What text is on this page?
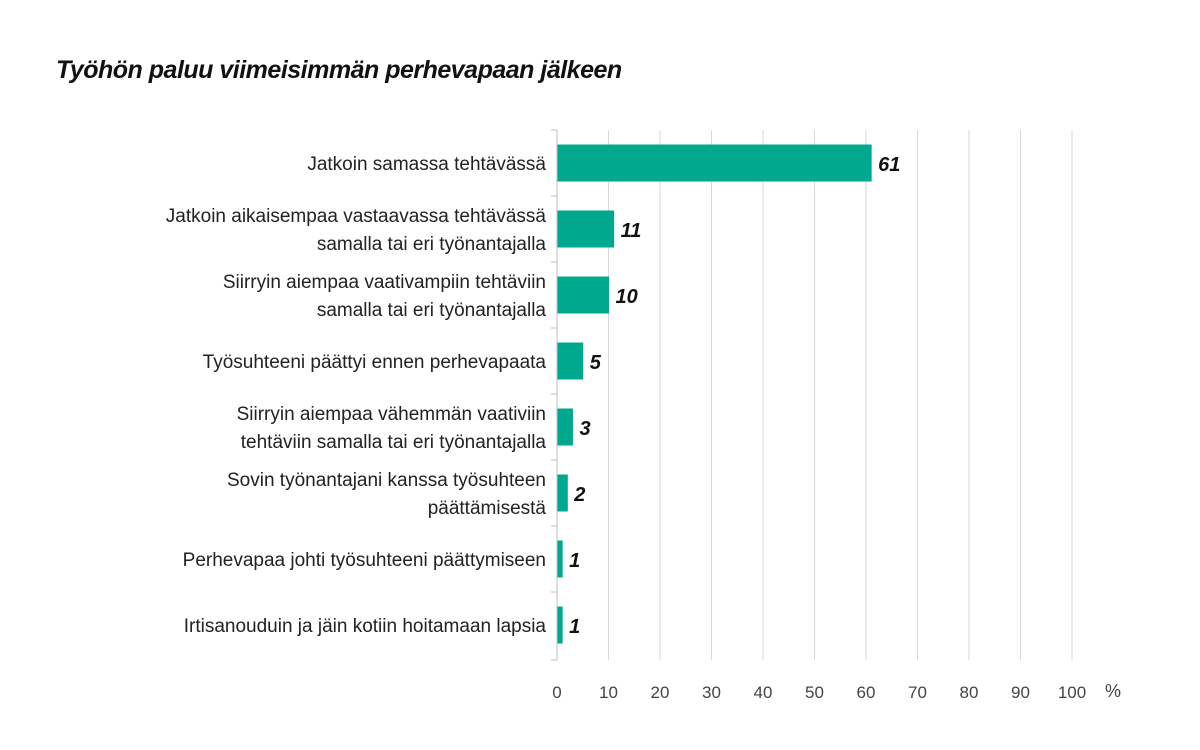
Työhön paluu viimeisimmän perhevapaan jälkeen
0 10 20 30 40 50 60 70 80 90 100 %
61
Jatkoin samassa tehtävässä
11
Jatkoin aikaisempaa vastaavassa tehtävässä samalla tai eri työnantajalla
10
Siirryin aiempaa vaativampiin tehtäviin samalla tai eri työnantajalla
5
Työsuhteeni päättyi ennen perhevapaata
3
Siirryin aiempaa vähemmän vaativiin tehtäviin samalla tai eri työnantajalla
2
Sovin työnantajani kanssa työsuhteen päättämisestä
1
Perhevapaa johti työsuhteeni päättymiseen
1
Irtisanouduin ja jäin kotiin hoitamaan lapsia
